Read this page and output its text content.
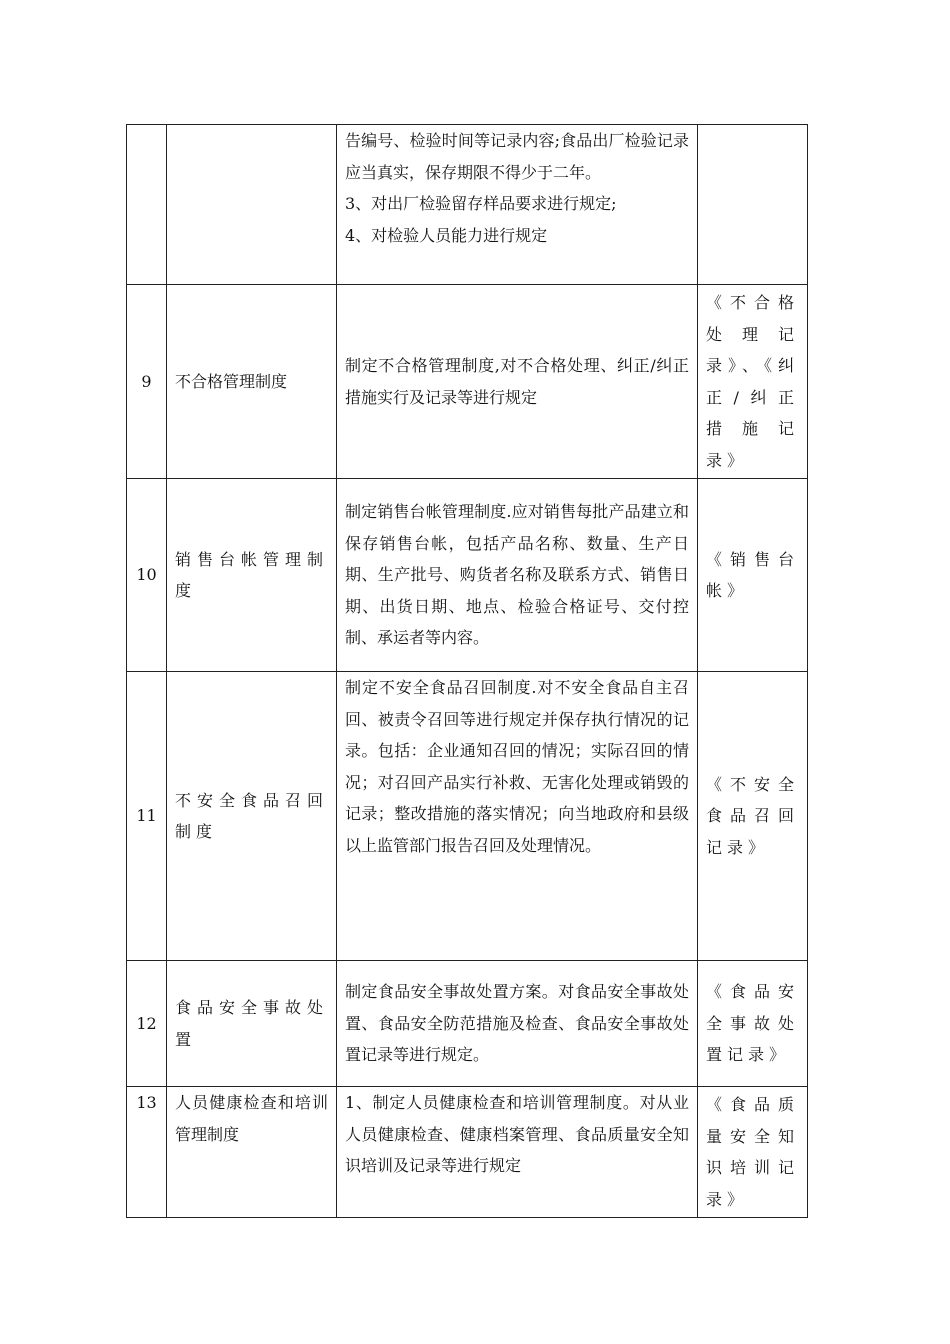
		告编号、检验时间等记录内容;食品出厂检验记录应当真实，保存期限不得少于二年。
3、对出厂检验留存样品要求进行规定;
4、对检验人员能力进行规定	

9	不合格管理制度	制定不合格管理制度,对不合格处理、纠正/纠正措施实行及记录等进行规定	《不合格处理记录》、《纠正/纠正措施记录》
10	销售台帐管理制度	制定销售台帐管理制度.应对销售每批产品建立和保存销售台帐，包括产品名称、数量、生产日期、生产批号、购货者名称及联系方式、销售日期、出货日期、地点、检验合格证号、交付控制、承运者等内容。	《销售台帐》
11	不安全食品召回制度	制定不安全食品召回制度.对不安全食品自主召回、被责令召回等进行规定并保存执行情况的记录。包括：企业通知召回的情况；实际召回的情况；对召回产品实行补救、无害化处理或销毁的记录；整改措施的落实情况；向当地政府和县级以上监管部门报告召回及处理情况。	《不安全食品召回记录》
12	食品安全事故处置	制定食品安全事故处置方案。对食品安全事故处置、食品安全防范措施及检查、食品安全事故处置记录等进行规定。	《食品安全事故处置记录》
13	人员健康检查和培训管理制度	1、制定人员健康检查和培训管理制度。对从业人员健康检查、健康档案管理、食品质量安全知识培训及记录等进行规定	《食品质量安全知识培训记录》
